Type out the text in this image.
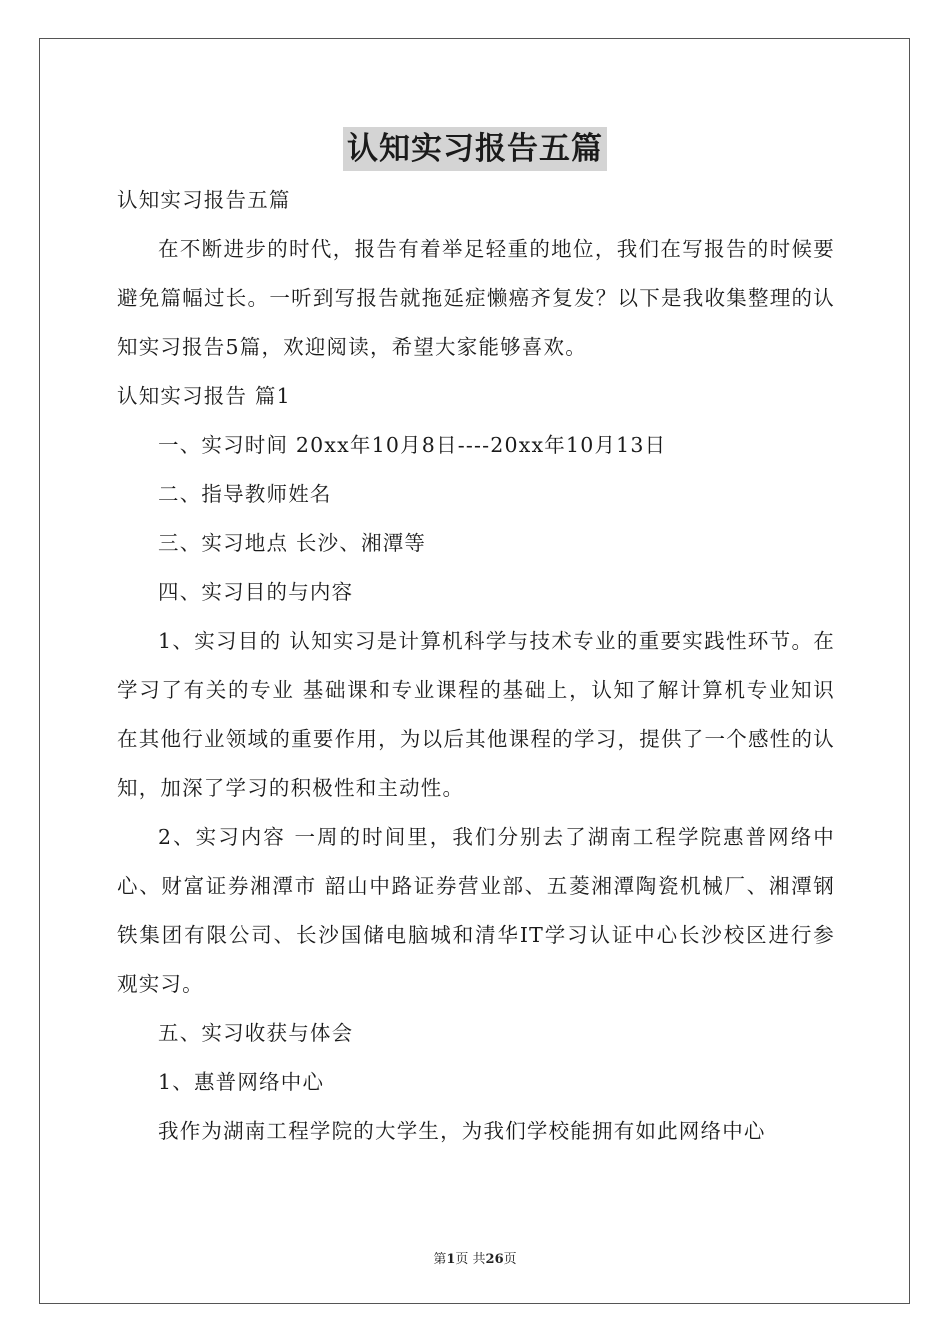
认知实习报告五篇

认知实习报告五篇

在不断进步的时代，报告有着举足轻重的地位，我们在写报告的时候要避免篇幅过长。一听到写报告就拖延症懒癌齐复发？以下是我收集整理的认知实习报告5篇，欢迎阅读，希望大家能够喜欢。

认知实习报告 篇1

一、实习时间 20xx年10月8日----20xx年10月13日

二、指导教师姓名

三、实习地点 长沙、湘潭等

四、实习目的与内容

1、实习目的 认知实习是计算机科学与技术专业的重要实践性环节。在学习了有关的专业 基础课和专业课程的基础上，认知了解计算机专业知识在其他行业领域的重要作用，为以后其他课程的学习，提供了一个感性的认知，加深了学习的积极性和主动性。

2、实习内容 一周的时间里，我们分别去了湖南工程学院惠普网络中心、财富证券湘潭市 韶山中路证券营业部、五菱湘潭陶瓷机械厂、湘潭钢铁集团有限公司、长沙国储电脑城和清华IT学习认证中心长沙校区进行参观实习。

五、实习收获与体会

1、惠普网络中心

我作为湖南工程学院的大学生，为我们学校能拥有如此网络中心

第1页 共26页
